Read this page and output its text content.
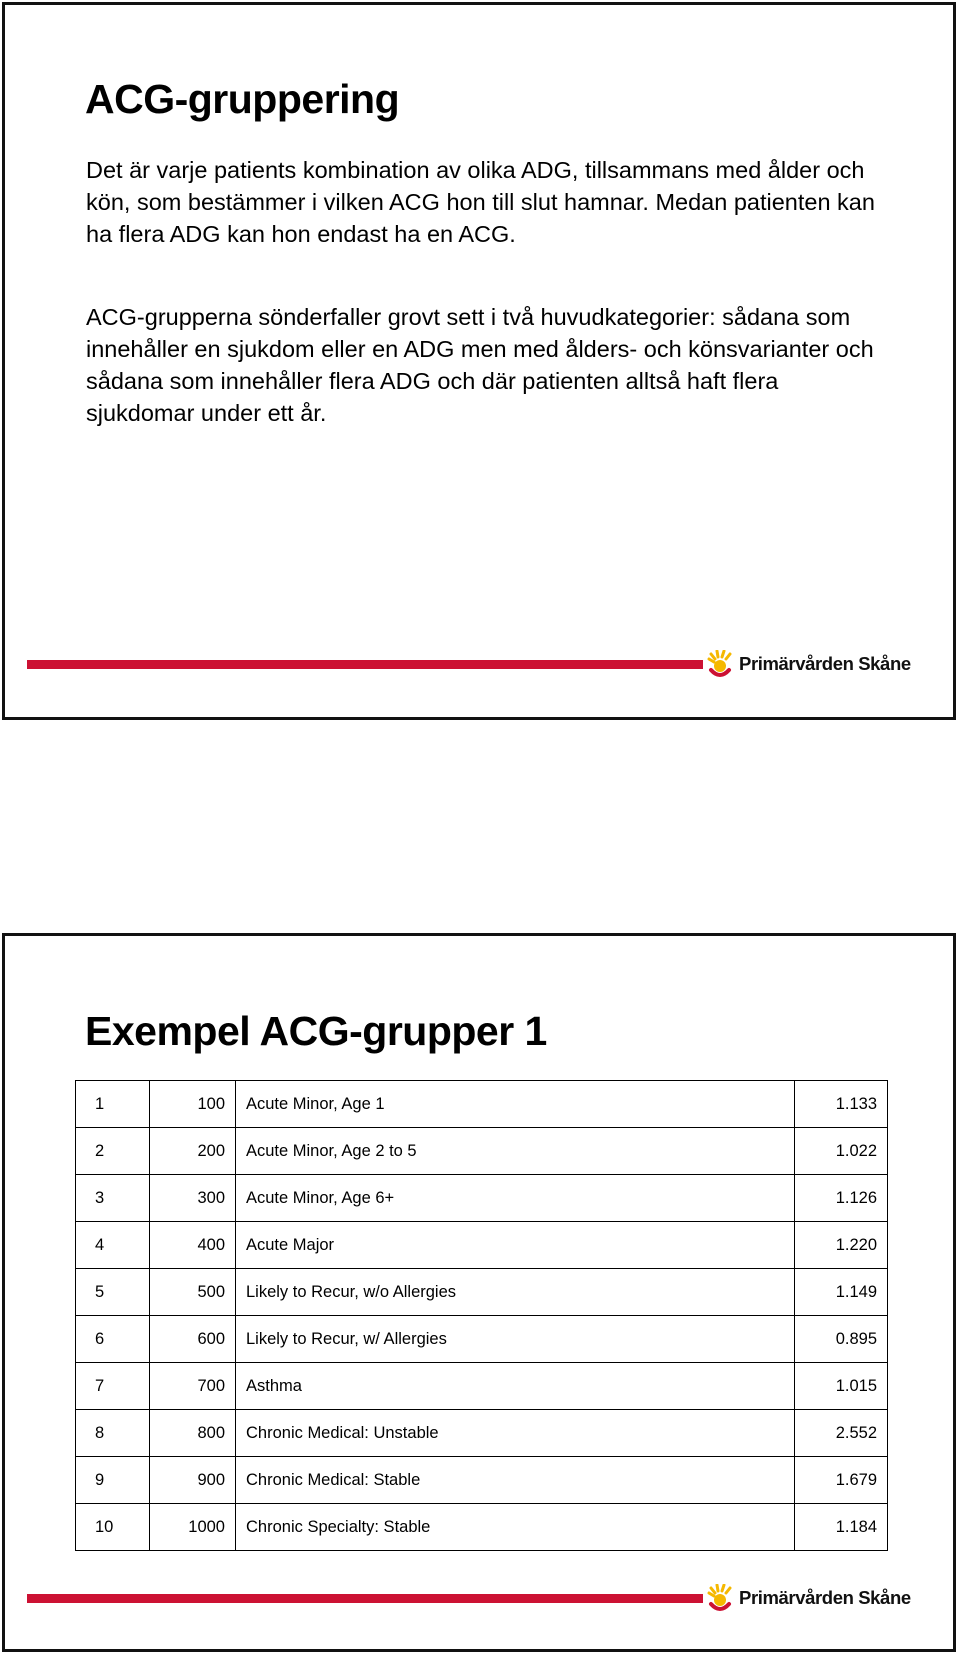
ACG-gruppering

Det är varje patients kombination av olika ADG, tillsammans med ålder och kön, som bestämmer i vilken ACG hon till slut hamnar. Medan patienten kan ha flera ADG kan hon endast ha en ACG.

ACG-grupperna sönderfaller grovt sett i två huvudkategorier: sådana som innehåller en sjukdom eller en ADG men med ålders- och könsvarianter och sådana som innehåller flera ADG och där patienten alltså haft flera sjukdomar under ett år.

Primärvården Skåne
Exempel ACG-grupper 1
1	100	Acute Minor, Age 1	1.133
2	200	Acute Minor, Age 2 to 5	1.022
3	300	Acute Minor, Age 6+	1.126
4	400	Acute Major	1.220
5	500	Likely to Recur, w/o Allergies	1.149
6	600	Likely to Recur, w/ Allergies	0.895
7	700	Asthma	1.015
8	800	Chronic Medical: Unstable	2.552
9	900	Chronic Medical: Stable	1.679
10	1000	Chronic Specialty: Stable	1.184
Primärvården Skåne
